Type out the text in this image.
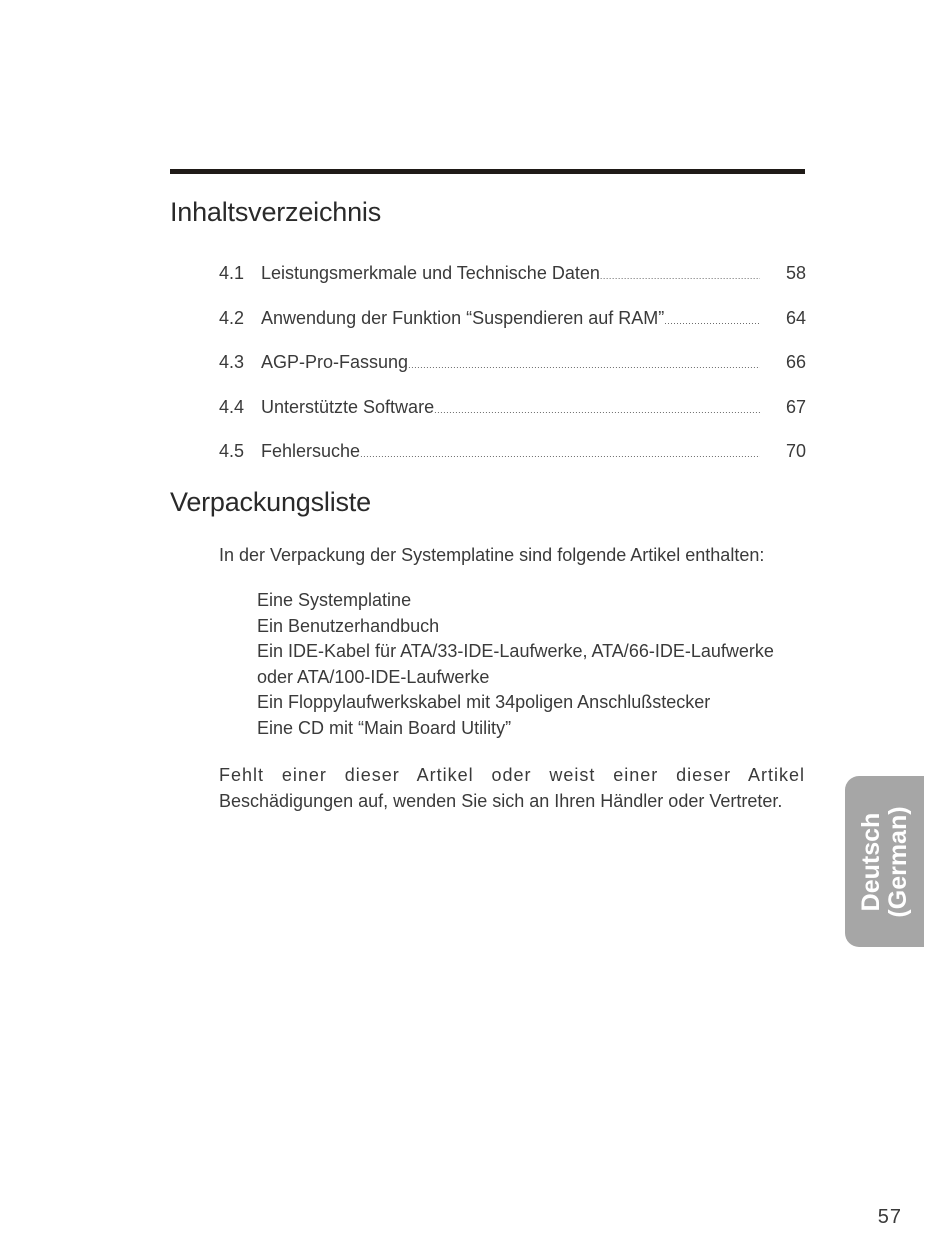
Inhaltsverzeichnis
4.1 Leistungsmerkmale und Technische Daten .....	58
4.2 Anwendung der Funktion “Suspendieren auf RAM” .....	64
4.3 AGP-Pro-Fassung .....	66
4.4 Unterstützte Software .....	67
4.5 Fehlersuche .....	70
Verpackungsliste

In der Verpackung der Systemplatine sind folgende Artikel enthalten:

Eine Systemplatine
Ein Benutzerhandbuch
Ein IDE-Kabel für ATA/33-IDE-Laufwerke, ATA/66-IDE-Laufwerke
oder ATA/100-IDE-Laufwerke
Ein Floppylaufwerkskabel mit 34poligen Anschlußstecker
Eine CD mit “Main Board Utility”

Fehlt einer dieser Artikel oder weist einer dieser Artikel
Beschädigungen auf, wenden Sie sich an Ihren Händler oder Vertreter.

Deutsch (German)
57
